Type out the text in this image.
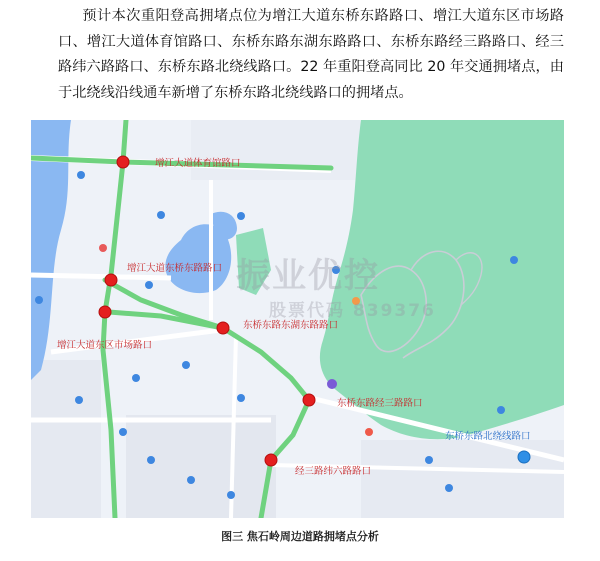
预计本次重阳登高拥堵点位为增江大道东桥东路路口、增江大道东区市场路口、增江大道体育馆路口、东桥东路东湖东路路口、东桥东路经三路路口、经三路纬六路路口、东桥东路北绕线路口。22 年重阳登高同比 20 年交通拥堵点，由于北绕线沿线通车新增了东桥东路北绕线路口的拥堵点。
振业优控
股票代码 839376
增江大道体育馆路口
增江大道东桥东路路口
东桥东路东湖东路路口
增江大道东区市场路口
东桥东路经三路路口
东桥东路北绕线路口
经三路纬六路路口
图三 焦石岭周边道路拥堵点分析
